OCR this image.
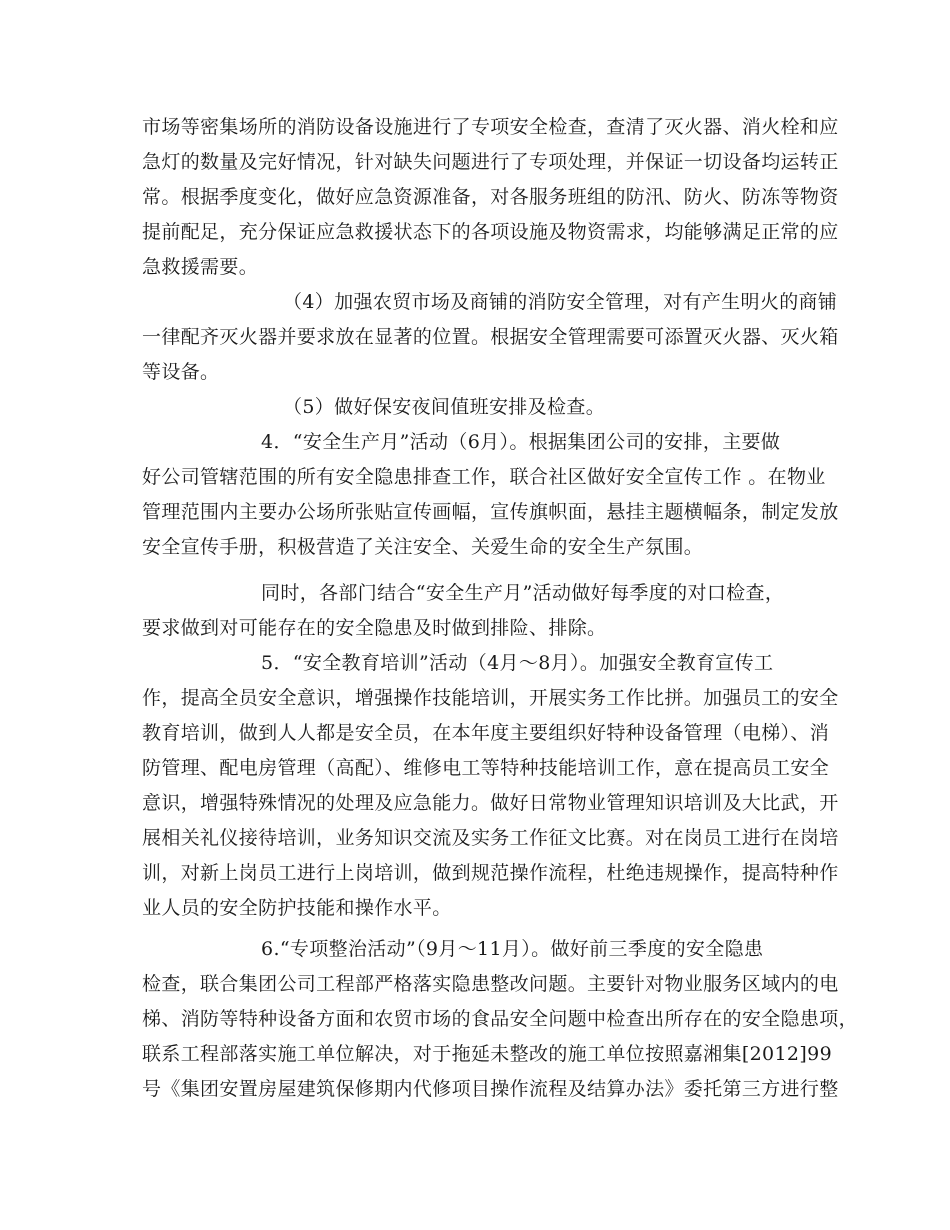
市场等密集场所的消防设备设施进行了专项安全检查，查清了灭火器、消火栓和应
急灯的数量及完好情况，针对缺失问题进行了专项处理，并保证一切设备均运转正
常。根据季度变化，做好应急资源准备，对各服务班组的防汛、防火、防冻等物资
提前配足，充分保证应急救援状态下的各项设施及物资需求，均能够满足正常的应
急救援需要。
（4）加强农贸市场及商铺的消防安全管理，对有产生明火的商铺
一律配齐灭火器并要求放在显著的位置。根据安全管理需要可添置灭火器、灭火箱
等设备。
（5）做好保安夜间值班安排及检查。
4．“安全生产月”活动（6月）。根据集团公司的安排，主要做
好公司管辖范围的所有安全隐患排查工作，联合社区做好安全宣传工作 。在物业
管理范围内主要办公场所张贴宣传画幅，宣传旗帜面，悬挂主题横幅条，制定发放
安全宣传手册，积极营造了关注安全、关爱生命的安全生产氛围。
同时，各部门结合“安全生产月”活动做好每季度的对口检查，
要求做到对可能存在的安全隐患及时做到排险、排除。
5．“安全教育培训”活动（4月～8月）。加强安全教育宣传工
作，提高全员安全意识，增强操作技能培训，开展实务工作比拼。加强员工的安全
教育培训，做到人人都是安全员，在本年度主要组织好特种设备管理（电梯）、消
防管理、配电房管理（高配）、维修电工等特种技能培训工作，意在提高员工安全
意识，增强特殊情况的处理及应急能力。做好日常物业管理知识培训及大比武，开
展相关礼仪接待培训，业务知识交流及实务工作征文比赛。对在岗员工进行在岗培
训，对新上岗员工进行上岗培训，做到规范操作流程，杜绝违规操作，提高特种作
业人员的安全防护技能和操作水平。
6.“专项整治活动”（9月～11月）。做好前三季度的安全隐患
检查，联合集团公司工程部严格落实隐患整改问题。主要针对物业服务区域内的电
梯、消防等特种设备方面和农贸市场的食品安全问题中检查出所存在的安全隐患项，
联系工程部落实施工单位解决，对于拖延未整改的施工单位按照嘉湘集[2012]99
号《集团安置房屋建筑保修期内代修项目操作流程及结算办法》委托第三方进行整
